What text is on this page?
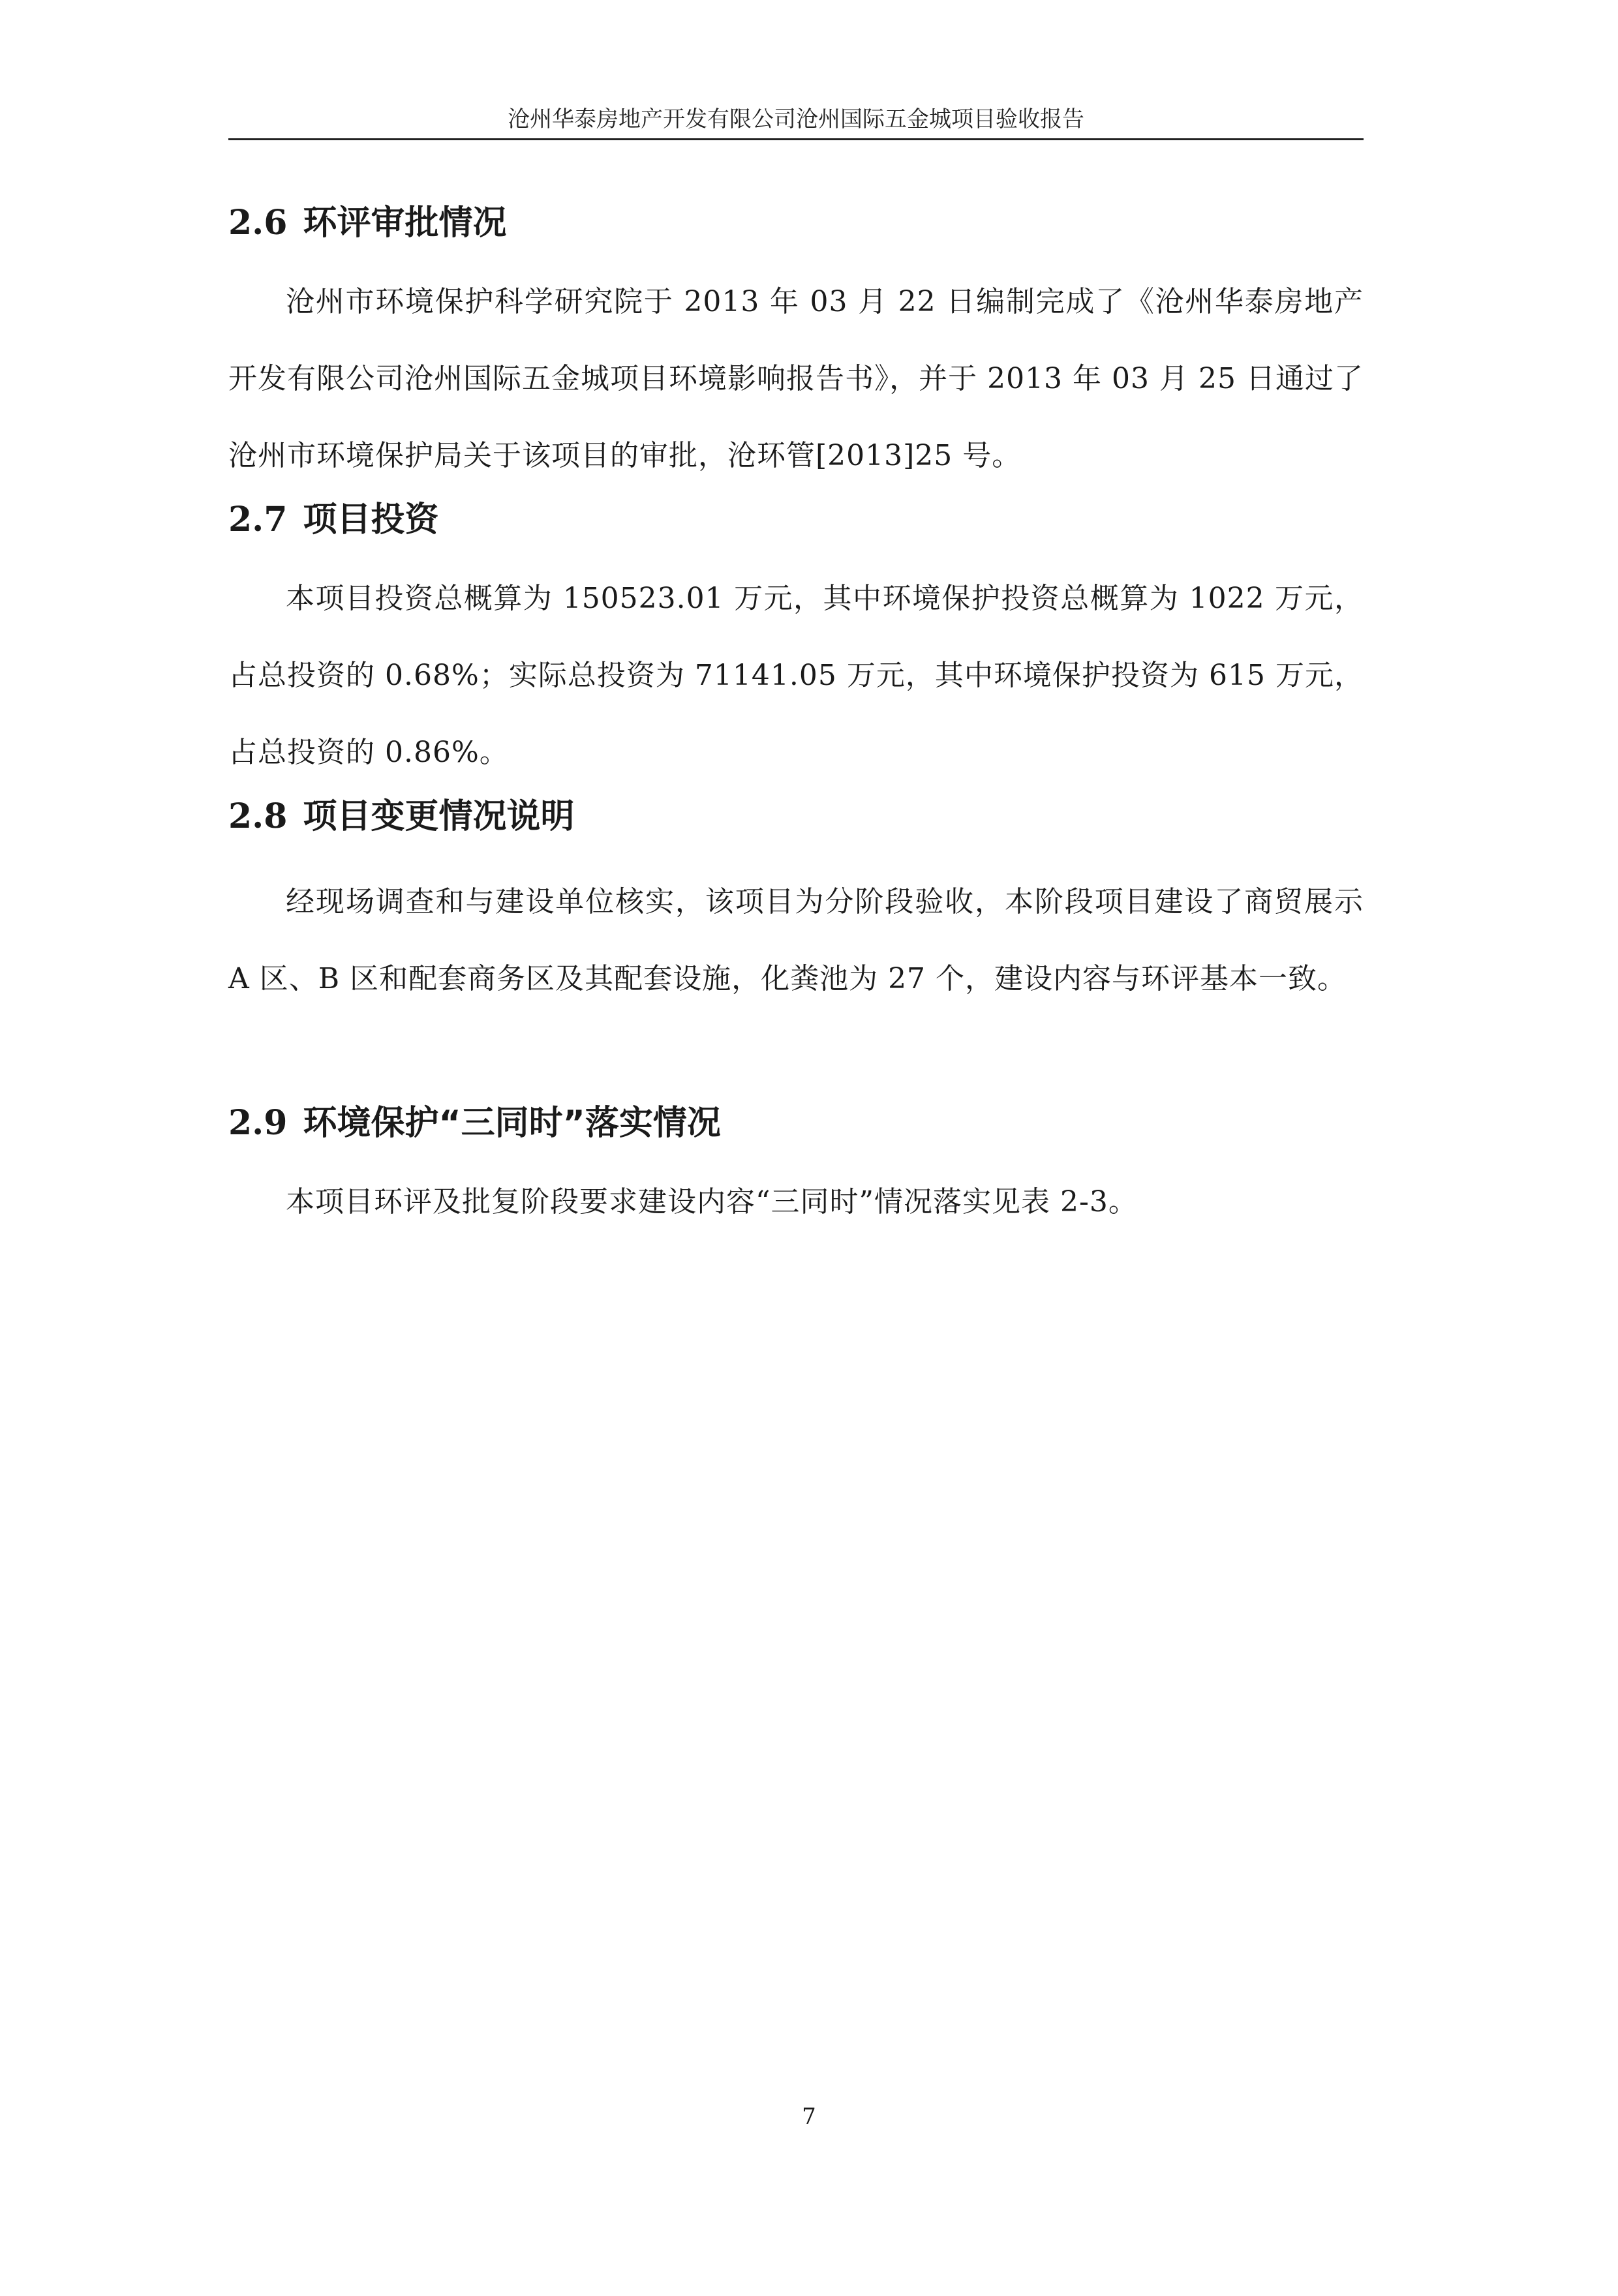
沧州华泰房地产开发有限公司沧州国际五金城项目验收报告
2.6 环评审批情况

沧州市环境保护科学研究院于 2013 年 03 月 22 日编制完成了《沧州华泰房地产开发有限公司沧州国际五金城项目环境影响报告书》，并于 2013 年 03 月 25 日通过了沧州市环境保护局关于该项目的审批，沧环管[2013]25 号。

2.7 项目投资

本项目投资总概算为 150523.01 万元，其中环境保护投资总概算为 1022 万元，占总投资的 0.68%；实际总投资为 71141.05 万元，其中环境保护投资为 615 万元，占总投资的 0.86%。

2.8 项目变更情况说明

经现场调查和与建设单位核实，该项目为分阶段验收，本阶段项目建设了商贸展示 A 区、B 区和配套商务区及其配套设施，化粪池为 27 个，建设内容与环评基本一致。

2.9 环境保护“三同时”落实情况

本项目环评及批复阶段要求建设内容“三同时”情况落实见表 2-3。

7
